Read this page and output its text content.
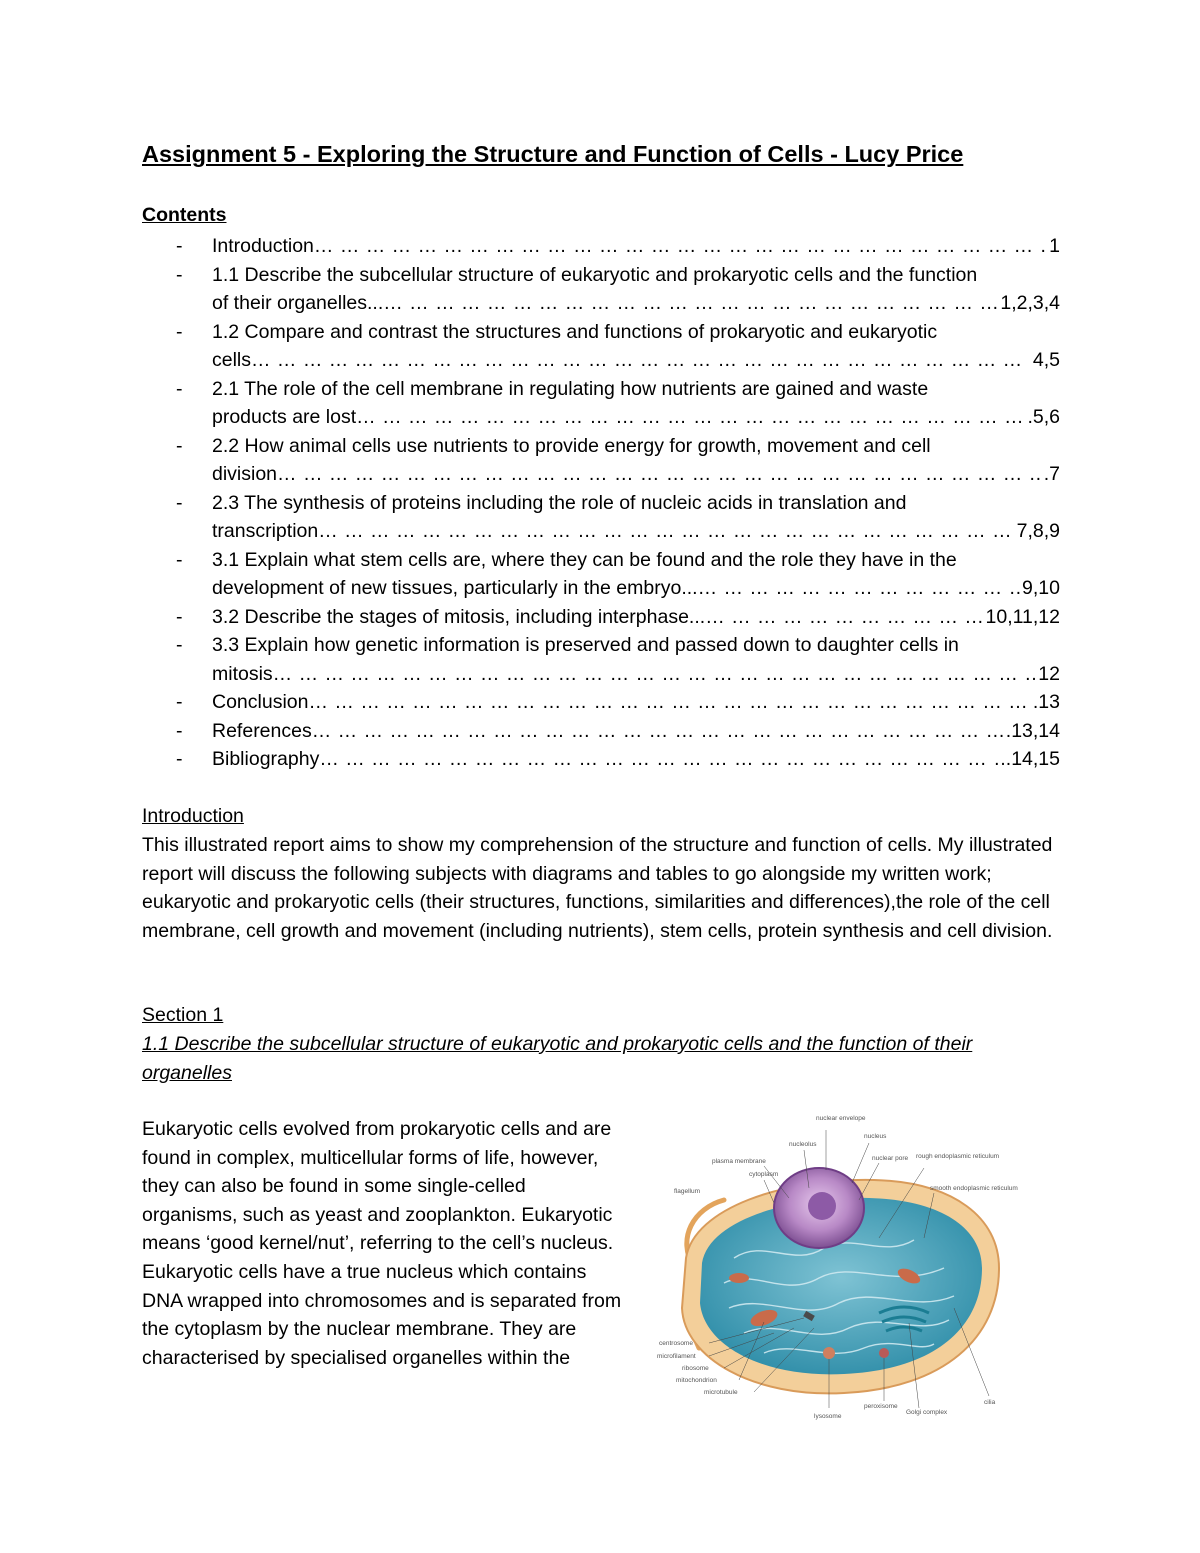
Assignment 5 - Exploring the Structure and Function of Cells - Lucy Price
Contents
- Introduction … … … … … … … … … … … … … … … … … … … … … … … … … … … … … … … … … … … … … … … … … … … … … … … … … … … … … … … … … … … … … … … … … … … … … … … …	1
- 1.1 Describe the subcellular structure of eukaryotic and prokaryotic cells and the function
of their organelles... … … … … … … … … … … … … … … … … … … … … … … … … … … … … … … … … … … … … … … … … … … … … … … … … … … … … … … … … … … … … … … … … … … … … … … … …	1,2,3,4
- 1.2 Compare and contrast the structures and functions of prokaryotic and eukaryotic
cells … … … … … … … … … … … … … … … … … … … … … … … … … … … … … … … … … … … … … … … … … … … … … … … … … … … … … … … … … … … … … … … … … … … … … … … …	4,5
- 2.1 The role of the cell membrane in regulating how nutrients are gained and waste
products are lost … … … … … … … … … … … … … … … … … … … … … … … … … … … … … … … … … … … … … … … … … … … … … … … … … … … … … … … … … … … … … … … … … … … … … … … …	.5,6
- 2.2 How animal cells use nutrients to provide energy for growth, movement and cell
division … … … … … … … … … … … … … … … … … … … … … … … … … … … … … … … … … … … … … … … … … … … … … … … … … … … … … … … … … … … … … … … … … … … … … … … …	.7
- 2.3 The synthesis of proteins including the role of nucleic acids in translation and
transcription … … … … … … … … … … … … … … … … … … … … … … … … … … … … … … … … … … … … … … … … … … … … … … … … … … … … … … … … … … … … … … … … … … … … … … … …	7,8,9
- 3.1 Explain what stem cells are, where they can be found and the role they have in the
development of new tissues, particularly in the embryo... … … … … … … … … … … … … … … … … … … … … … … … … … … … … … … … … … … … … … … … … … … … … … … … … … … … … … … … … … … … … … … … … … … … … … … … …	9,10
- 3.2 Describe the stages of mitosis, including interphase... … … … … … … … … … … … … … … … … … … … … … … … … … … … … … … … … … … … … … … … … … … … … … … … … … … … … … … … … … … … … … … … … … … … … … … … …	10,11,12
- 3.3 Explain how genetic information is preserved and passed down to daughter cells in
mitosis … … … … … … … … … … … … … … … … … … … … … … … … … … … … … … … … … … … … … … … … … … … … … … … … … … … … … … … … … … … … … … … … … … … … … … … …	12
- Conclusion … … … … … … … … … … … … … … … … … … … … … … … … … … … … … … … … … … … … … … … … … … … … … … … … … … … … … … … … … … … … … … … … … … … … … … … …	.13
- References … … … … … … … … … … … … … … … … … … … … … … … … … … … … … … … … … … … … … … … … … … … … … … … … … … … … … … … … … … … … … … … … … … … … … … … …	.13,14
- Bibliography … … … … … … … … … … … … … … … … … … … … … … … … … … … … … … … … … … … … … … … … … … … … … … … … … … … … … … … … … … … … … … … … … … … … … … … …	.14,15

Introduction

This illustrated report aims to show my comprehension of the structure and function of cells. My illustrated report will discuss the following subjects with diagrams and tables to go alongside my written work; eukaryotic and prokaryotic cells (their structures, functions, similarities and differences),the role of the cell membrane, cell growth and movement (including nutrients), stem cells, protein synthesis and cell division.

Section 1

1.1 Describe the subcellular structure of eukaryotic and prokaryotic cells and the function of their organelles

Eukaryotic cells evolved from prokaryotic cells and are found in complex, multicellular forms of life, however, they can also be found in some single-celled organisms, such as yeast and zooplankton. Eukaryotic means ‘good kernel/nut’, referring to the cell’s nucleus. Eukaryotic cells have a true nucleus which contains DNA wrapped into chromosomes and is separated from the cytoplasm by the nuclear membrane. They are characterised by specialised organelles within the

nuclear envelope
nucleus
nucleolus
plasma membrane	nuclear pore rough endoplasmic reticulum
cytoplasm
flagellum	smooth endoplasmic reticulum
centrosome
microfilament
ribosome
mitochondrion
microtubule
lysosome
peroxisome
Golgi complex
cilia
